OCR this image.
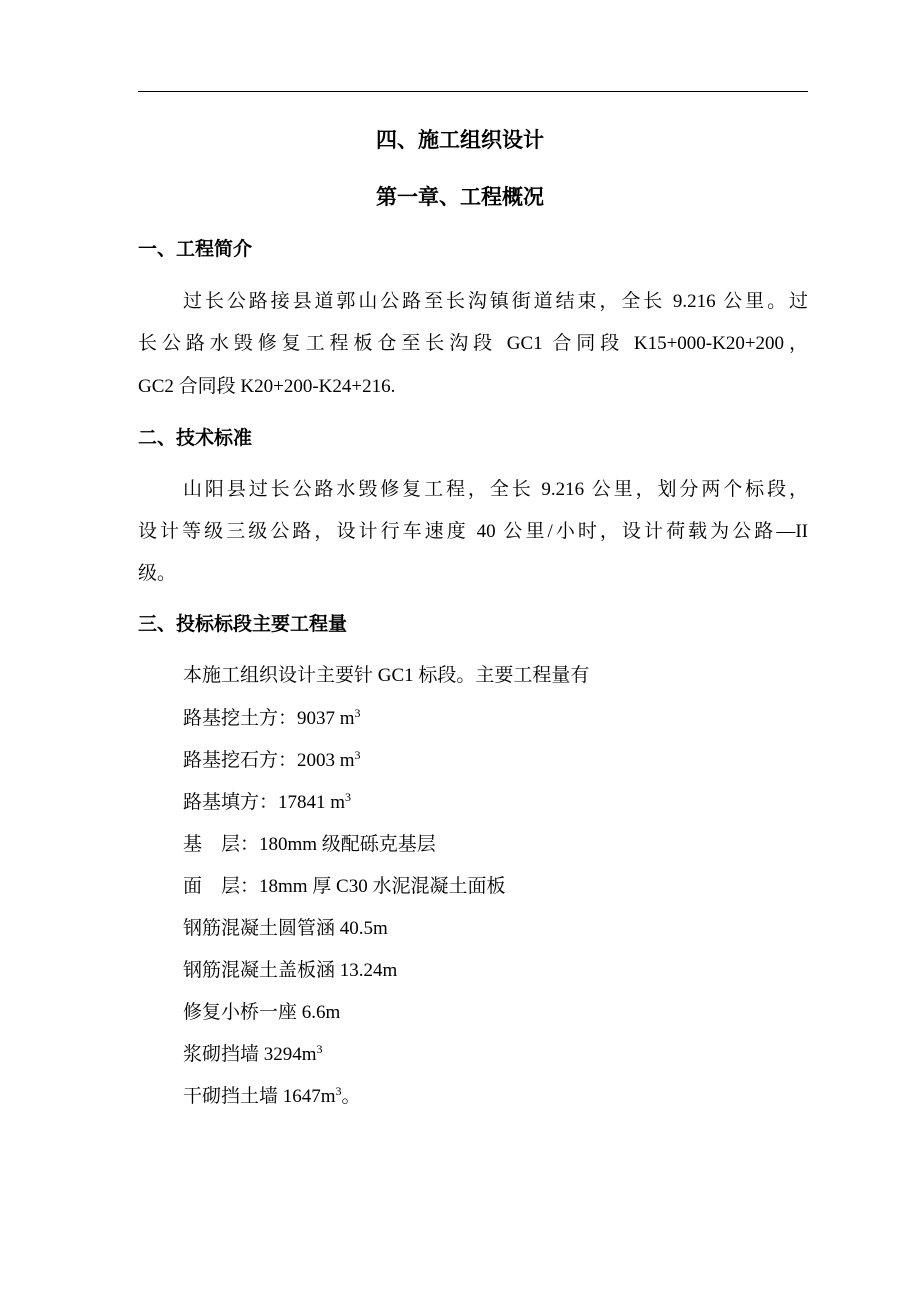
四、施工组织设计
第一章、工程概况
一、工程简介
过长公路接县道郭山公路至长沟镇街道结束，全长 9.216 公里。过
长公路水毁修复工程板仓至长沟段 GC1 合同段 K15+000-K20+200，
GC2 合同段 K20+200-K24+216.
二、技术标准
山阳县过长公路水毁修复工程，全长 9.216 公里，划分两个标段，
设计等级三级公路，设计行车速度 40 公里/小时，设计荷载为公路—II
级。
三、投标标段主要工程量
本施工组织设计主要针 GC1 标段。主要工程量有
路基挖土方：9037 $m^3$
路基挖石方：2003 $m^3$
路基填方：17841 $m^3$
基　层：180mm 级配砾克基层
面　层：18mm 厚 C30 水泥混凝土面板
钢筋混凝土圆管涵 40.5m
钢筋混凝土盖板涵 13.24m
修复小桥一座 6.6m
浆砌挡墙 $3294m^3$
干砌挡土墙 $1647m^3$。
